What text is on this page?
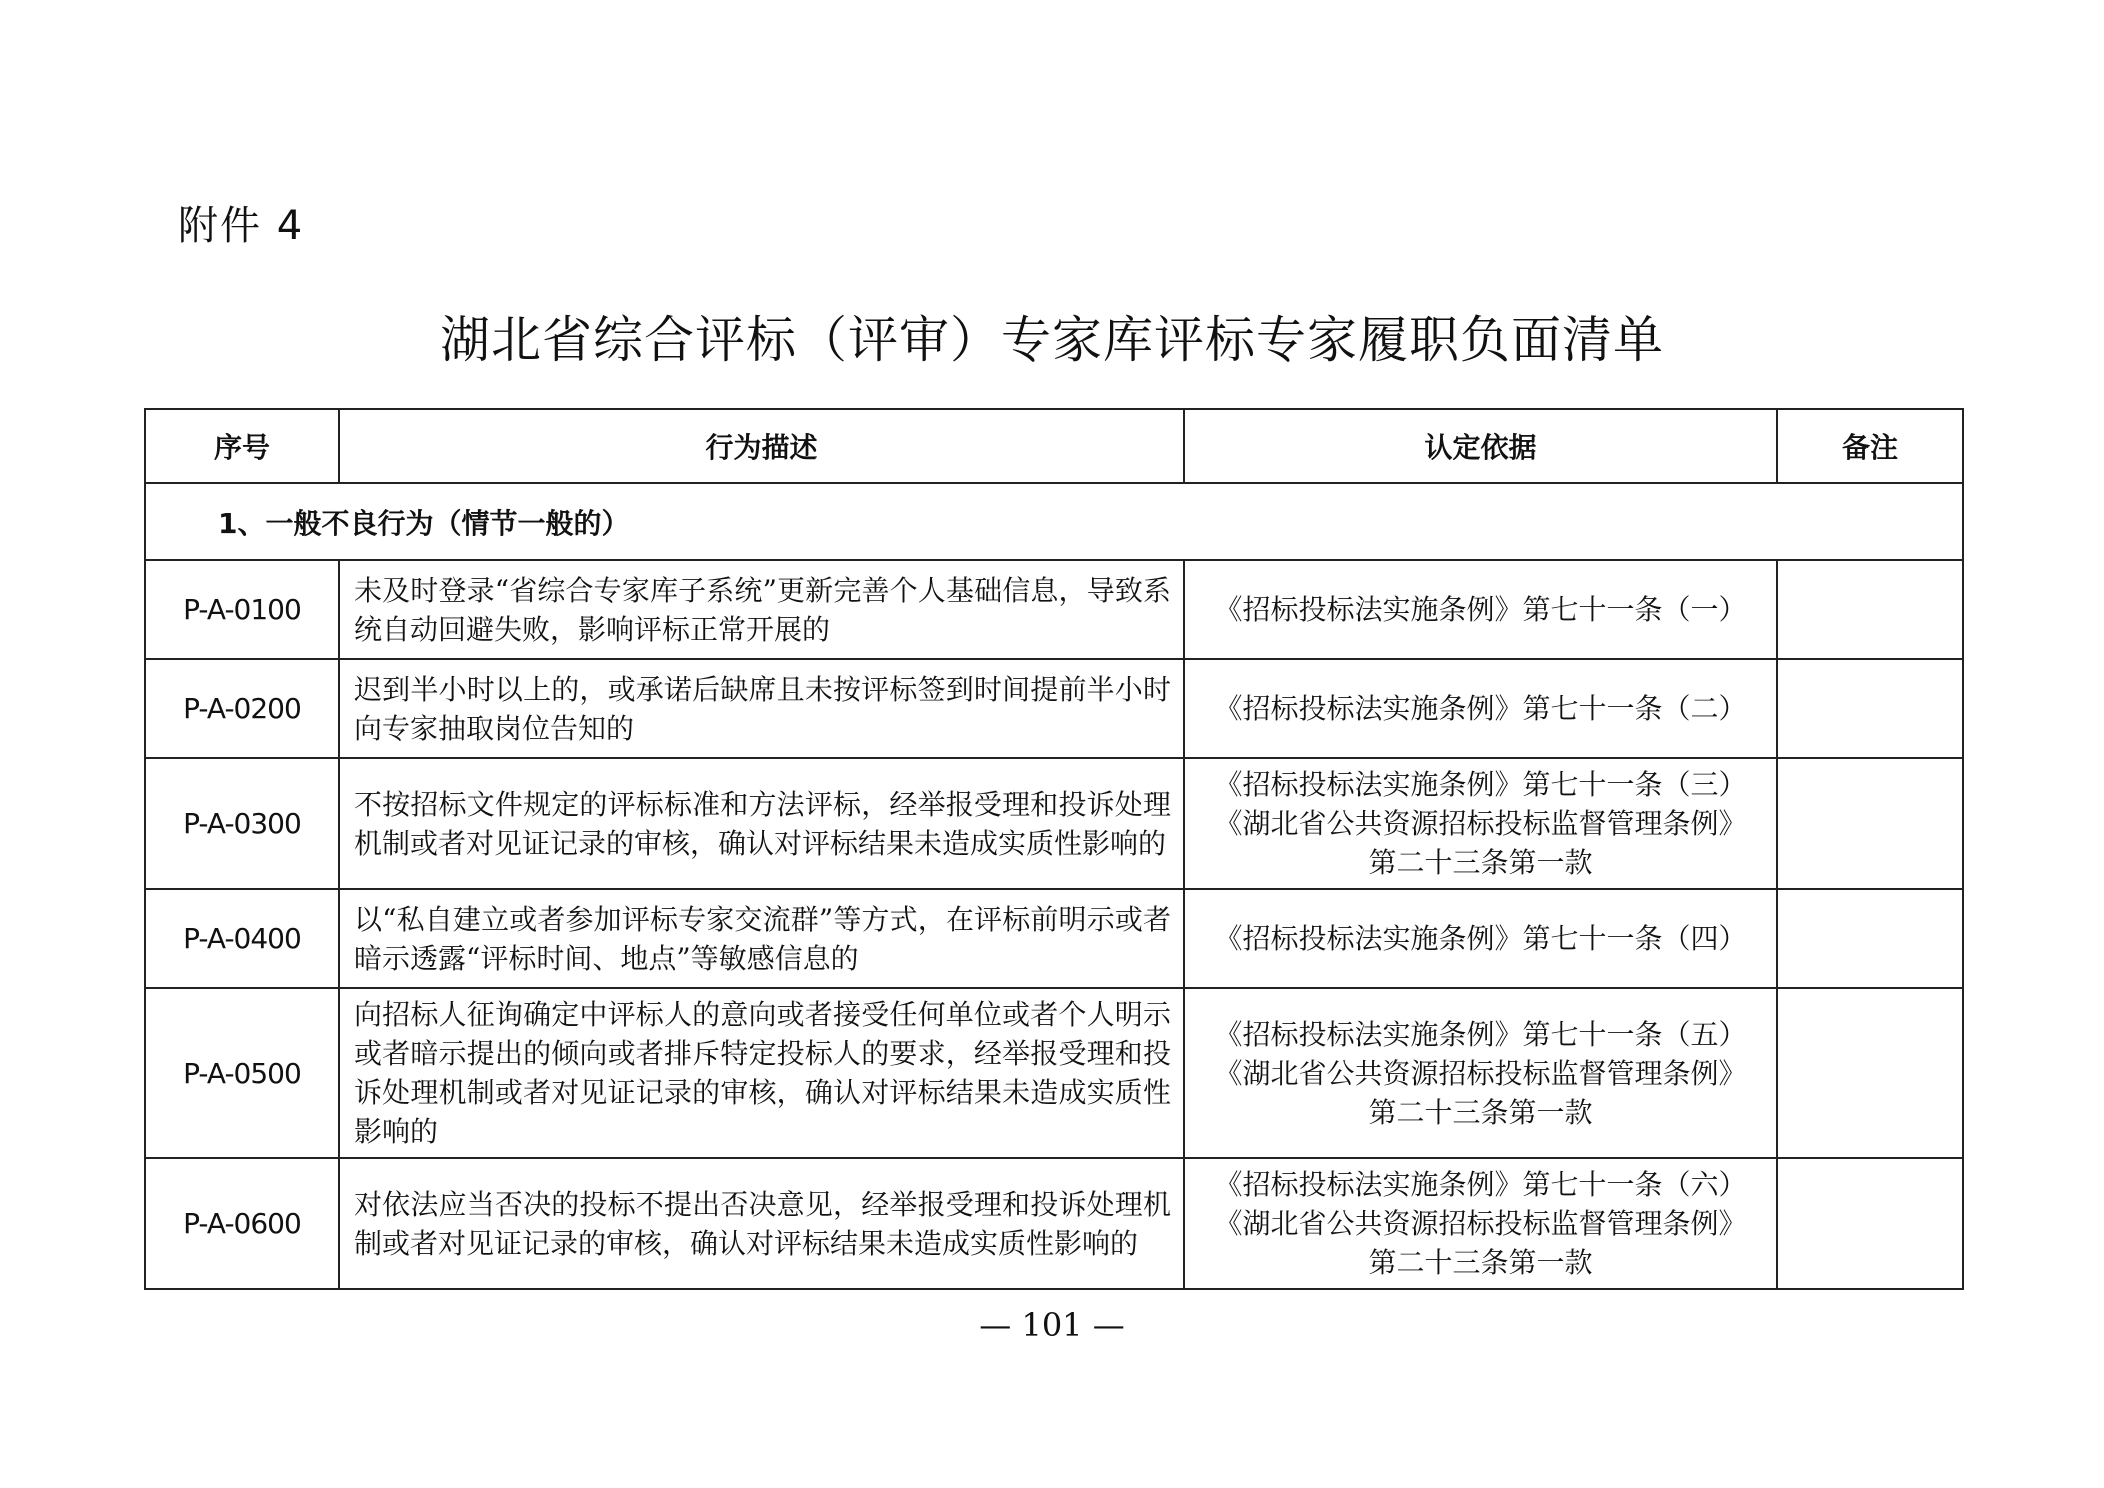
附件 4
湖北省综合评标（评审）专家库评标专家履职负面清单
序号	行为描述	认定依据	备注
1、一般不良行为（情节一般的）			
P-A-0100	未及时登录“省综合专家库子系统”更新完善个人基础信息，导致系统自动回避失败，影响评标正常开展的	《招标投标法实施条例》第七十一条（一）	

P-A-0200	迟到半小时以上的，或承诺后缺席且未按评标签到时间提前半小时向专家抽取岗位告知的	《招标投标法实施条例》第七十一条（二）	

P-A-0300	不按招标文件规定的评标标准和方法评标，经举报受理和投诉处理机制或者对见证记录的审核，确认对评标结果未造成实质性影响的	《招标投标法实施条例》第七十一条（三）
《湖北省公共资源招标投标监督管理条例》
第二十三条第一款	

P-A-0400	以“私自建立或者参加评标专家交流群”等方式，在评标前明示或者暗示透露“评标时间、地点”等敏感信息的	《招标投标法实施条例》第七十一条（四）	

P-A-0500	向招标人征询确定中评标人的意向或者接受任何单位或者个人明示或者暗示提出的倾向或者排斥特定投标人的要求，经举报受理和投诉处理机制或者对见证记录的审核，确认对评标结果未造成实质性影响的	《招标投标法实施条例》第七十一条（五）
《湖北省公共资源招标投标监督管理条例》
第二十三条第一款	

P-A-0600	对依法应当否决的投标不提出否决意见，经举报受理和投诉处理机制或者对见证记录的审核，确认对评标结果未造成实质性影响的	《招标投标法实施条例》第七十一条（六）
《湖北省公共资源招标投标监督管理条例》
第二十三条第一款	

— 101 —
